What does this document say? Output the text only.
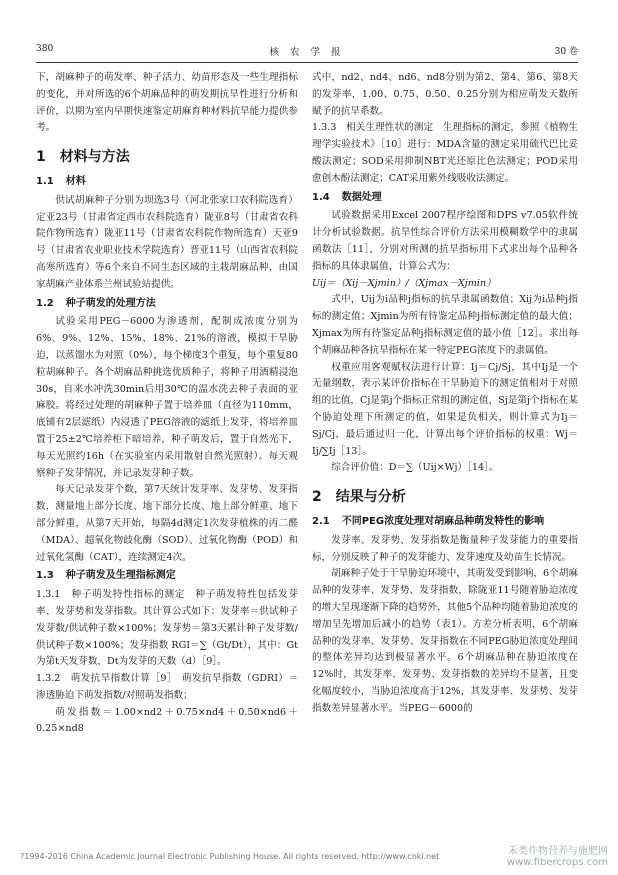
380	核 农 学 报	30 卷

下，胡麻种子的萌发率、种子活力、幼苗形态及一些生理指标的变化，并对所选的6个胡麻品种的萌发期抗旱性进行分析和评价，以期为室内早期快速鉴定胡麻育种材料抗旱能力提供参考。

1 材料与方法
1.1 材料

供试胡麻种子分别为坝选3号（河北张家口农科院选育）定亚23号（甘肃省定西市农科院选育）陇亚8号（甘肃省农科院作物所选育）陇亚11号（甘肃省农科院作物所选育）天亚9号（甘肃省农业职业技术学院选育）晋亚11号（山西省农科院高寒所选育）等6个来自不同生态区域的主栽胡麻品种，由国家胡麻产业体系兰州试验站提供。

1.2 种子萌发的处理方法

试验采用PEG－6000为渗透剂，配制成浓度分别为6%、9%、12%、15%、18%、21%的溶液，模拟干旱胁迫，以蒸馏水为对照（0%），每个梯度3个重复，每个重复80粒胡麻种子。各个胡麻品种挑选优质种子，将种子用酒精浸泡30s，自来水冲洗30min后用30℃的温水洗去种子表面的亚麻胶。将经过处理的胡麻种子置于培养皿（直径为110mm，底铺有2层滤纸）内浸透了PEG溶液的滤纸上发芽，将培养皿置于25±2℃培养柜下暗培养，种子萌发后，置于自然光下，每天光照约16h（在实验室内采用散射自然光照射）。每天观察种子发芽情况，并记录发芽种子数。

每天记录发芽个数，第7天统计发芽率、发芽势、发芽指数，测量地上部分长度、地下部分长度、地上部分鲜重、地下部分鲜重，从第7天开始，每隔4d测定1次发芽植株的丙二醛（MDA）、超氧化物歧化酶（SOD）、过氧化物酶（POD）和过氧化氢酶（CAT），连续测定4次。

1.3 种子萌发及生理指标测定

1.3.1　种子萌发特性指标的测定　种子萌发特性包括发芽率、发芽势和发芽指数。其计算公式如下：发芽率＝供试种子发芽数/供试种子数×100%；发芽势＝第3天累计种子发芽数/供试种子数×100%；发芽指数 RGI＝∑（Gt/Dt），其中：Gt为第t天发芽数，Dt为发芽的天数（d）［9］。

1.3.2　萌发抗旱指数计算［9］　萌发抗旱指数（GDRI）＝渗透胁迫下萌发指数/对照萌发指数；

萌发指数＝1.00×nd2＋0.75×nd4＋0.50×nd6＋0.25×nd8

式中，nd2、nd4、nd6、nd8分别为第2、第4、第6、第8天的发芽率，1.00、0.75、0.50、0.25分别为相应萌发天数所赋予的抗旱系数。

1.3.3　相关生理性状的测定　生理指标的测定，参照《植物生理学实验技术》［10］进行：MDA含量的测定采用硫代巴比妥酸法测定；SOD采用抑制NBT光还原比色法测定；POD采用愈创木酚法测定；CAT采用紫外线吸收法测定。

1.4 数据处理

试验数据采用Excel 2007程序绘图和DPS v7.05软件统计分析试验数据。抗旱性综合评价方法采用模糊数学中的隶属函数法［11］，分别对所测的抗旱指标用下式求出每个品种各指标的具体隶属值，计算公式为：

Uij＝（Xij－Xjmin）/（Xjmax－Xjmin）

式中，Uij为i品种j指标的抗旱隶属函数值；Xij为i品种j指标的测定值；Xjmin为所有待鉴定品种j指标测定值的最大值；Xjmax为所有待鉴定品种j指标测定值的最小值［12］。求出每个胡麻品种各抗旱指标在某一特定PEG浓度下的隶属值。

权重应用客观赋权法进行计算：Ij＝Cj/Sj，其中Ij是一个无量纲数，表示某评价指标在干旱胁迫下的测定值相对于对照组的比值，Cj是第j个指标正常组的测定值，Sj是第j个指标在某个胁迫处理下所测定的值，如果是负相关，则计算式为Ij＝Sj/Cj，最后通过归一化，计算出每个评价指标的权重：Wj＝Ij/∑Ij［13］。

综合评价值：D＝∑（Uij×Wj）［14］。

2 结果与分析
2.1 不同PEG浓度处理对胡麻品种萌发特性的影响

发芽率、发芽势、发芽指数是衡量种子发芽能力的重要指标，分别反映了种子的发芽能力、发芽速度及幼苗生长情况。

胡麻种子处于干旱胁迫环境中，其萌发受到影响，6个胡麻品种的发芽率、发芽势、发芽指数，除陇亚11号随着胁迫浓度的增大呈现逐渐下降的趋势外，其他5个品种均随着胁迫浓度的增加呈先增加后减小的趋势（表1）。方差分析表明，6个胡麻品种的发芽率、发芽势、发芽指数在不同PEG胁迫浓度处理间的整体差异均达到极显著水平。6个胡麻品种在胁迫浓度在12%时，其发芽率、发芽势、发芽指数的差异均不显著，且变化幅度较小，当胁迫浓度高于12%，其发芽率、发芽势、发芽指数差异显著水平。当PEG－6000的

?1994-2016 China Academic Journal Electronic Publishing House. All rights reserved. http://www.cnki.net	禾类作物营养与施肥网
www.fibercrops.com
